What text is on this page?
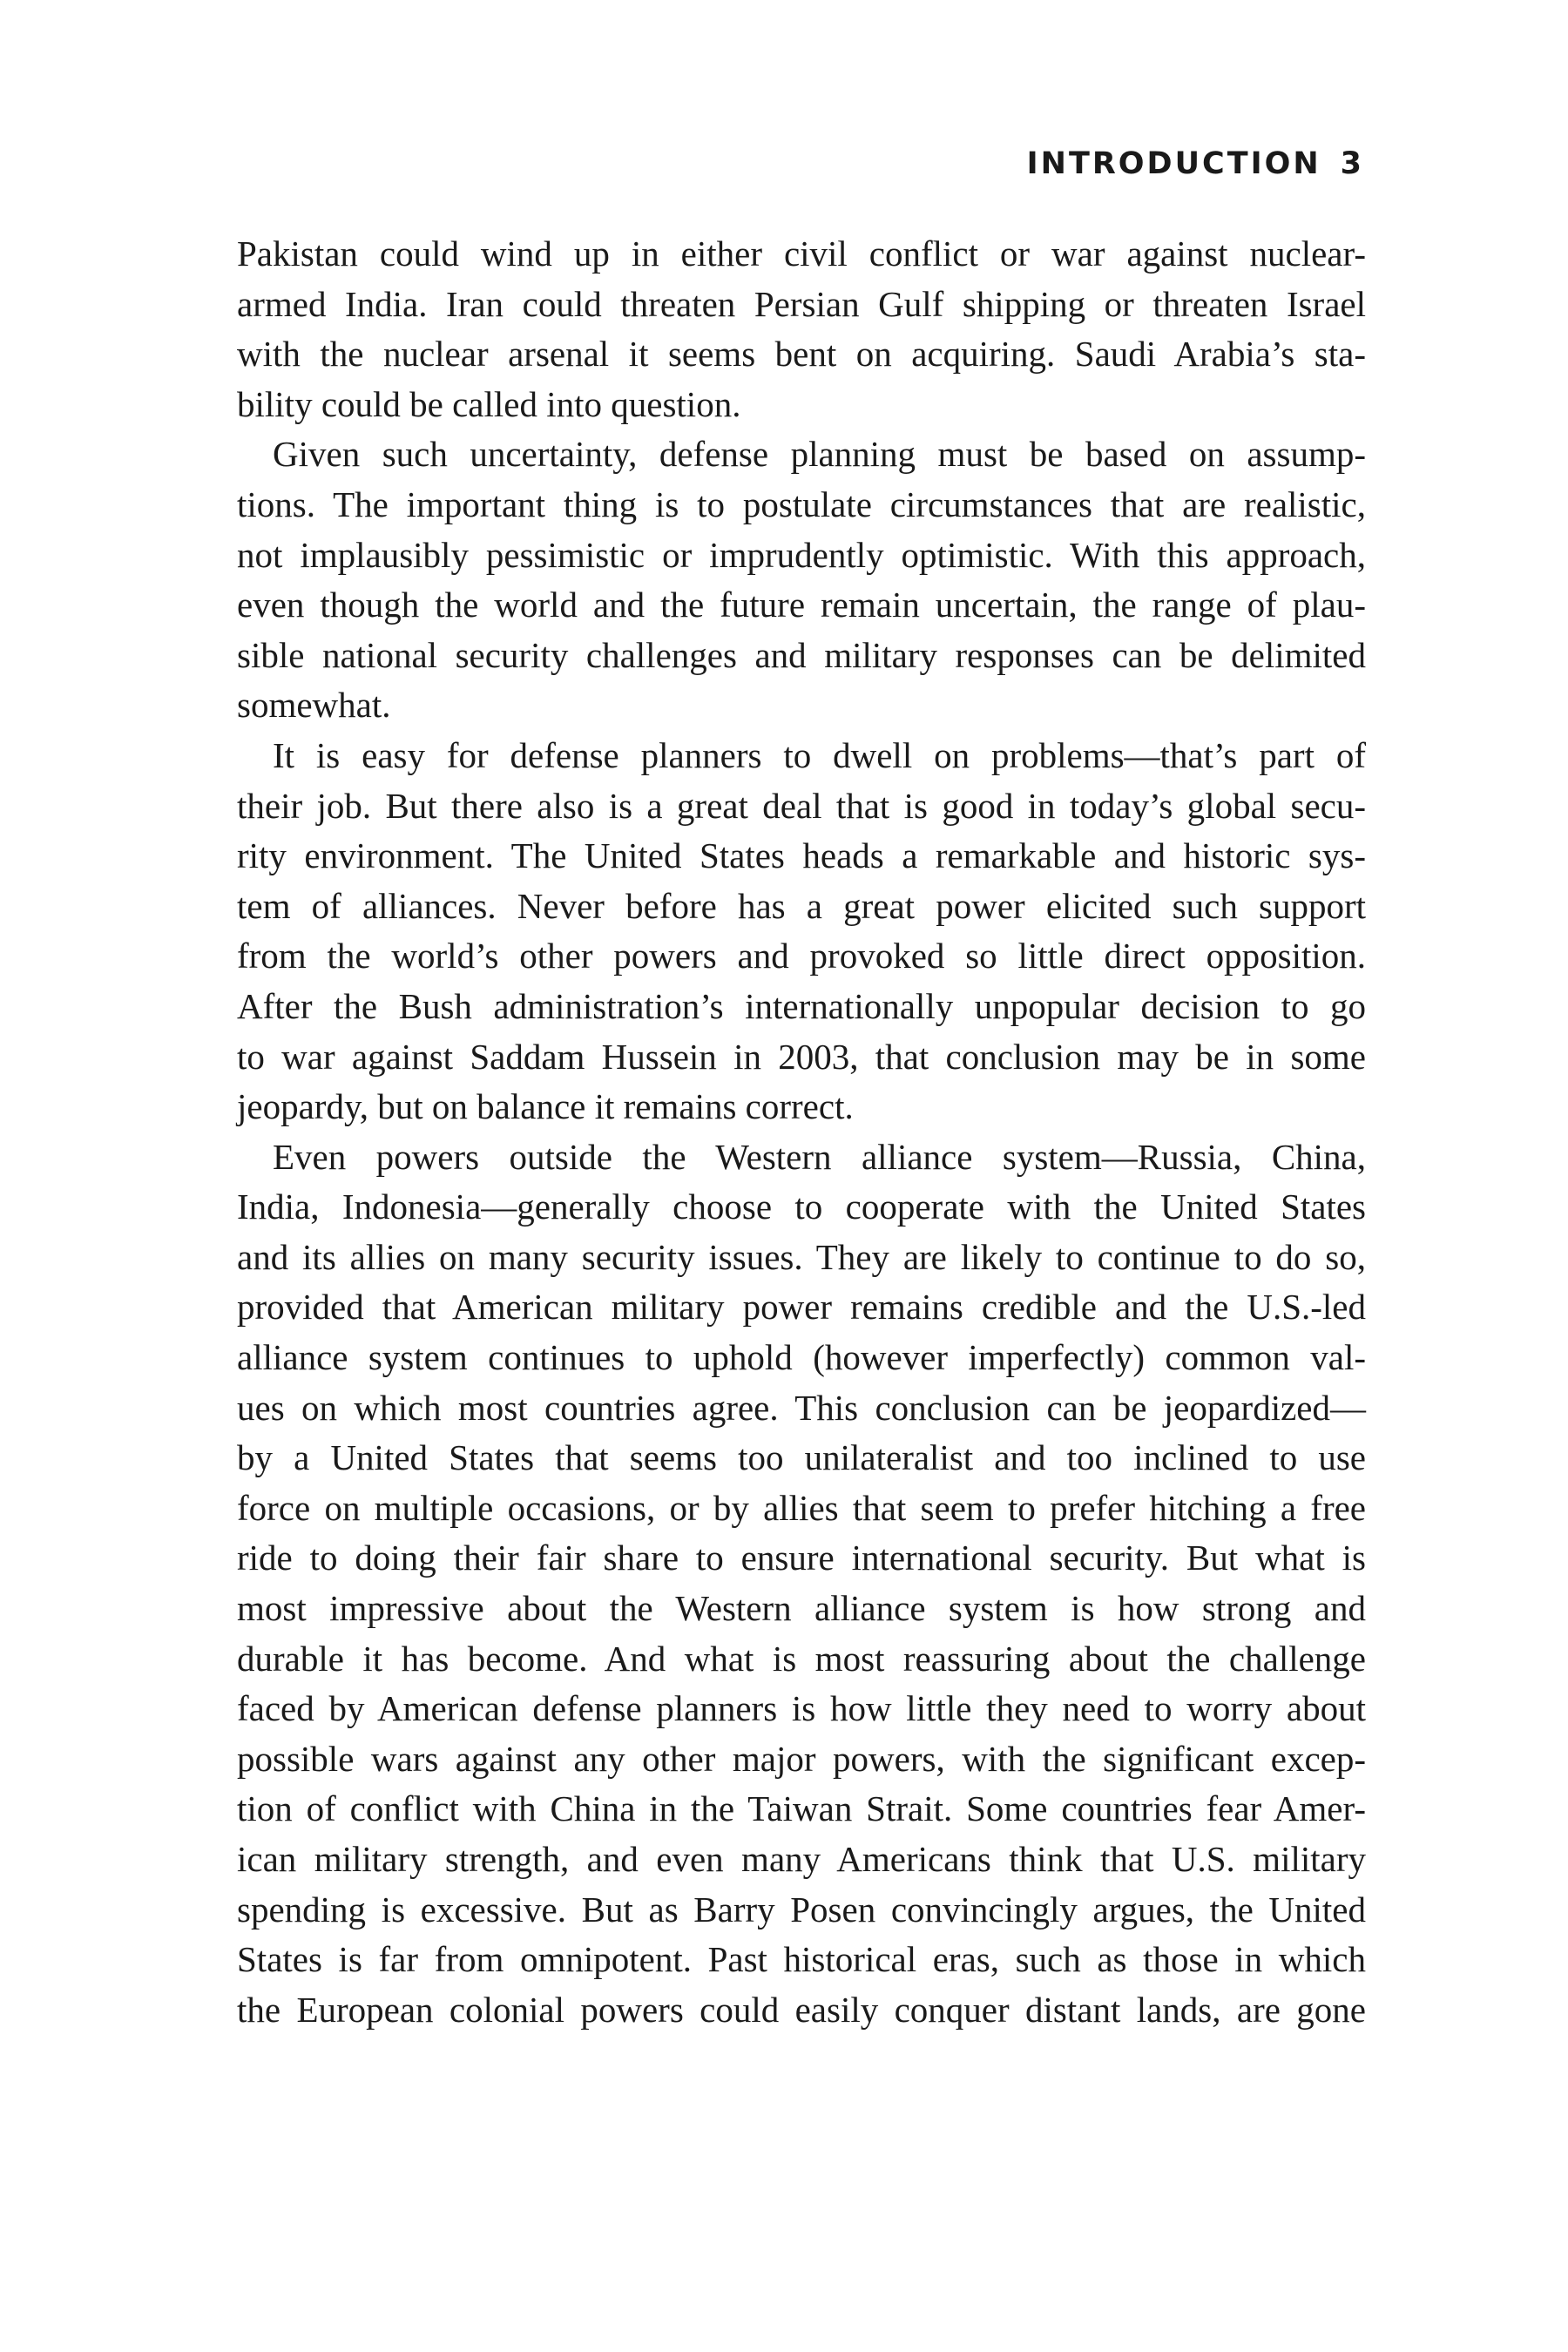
INTRODUCTION 3
Pakistan could wind up in either civil conflict or war against nuclear-
armed India. Iran could threaten Persian Gulf shipping or threaten Israel
with the nuclear arsenal it seems bent on acquiring. Saudi Arabia’s sta-
bility could be called into question.
Given such uncertainty, defense planning must be based on assump-
tions. The important thing is to postulate circumstances that are realistic,
not implausibly pessimistic or imprudently optimistic. With this approach,
even though the world and the future remain uncertain, the range of plau-
sible national security challenges and military responses can be delimited
somewhat.
It is easy for defense planners to dwell on problems—that’s part of
their job. But there also is a great deal that is good in today’s global secu-
rity environment. The United States heads a remarkable and historic sys-
tem of alliances. Never before has a great power elicited such support
from the world’s other powers and provoked so little direct opposition.
After the Bush administration’s internationally unpopular decision to go
to war against Saddam Hussein in 2003, that conclusion may be in some
jeopardy, but on balance it remains correct.
Even powers outside the Western alliance system—Russia, China,
India, Indonesia—generally choose to cooperate with the United States
and its allies on many security issues. They are likely to continue to do so,
provided that American military power remains credible and the U.S.-led
alliance system continues to uphold (however imperfectly) common val-
ues on which most countries agree. This conclusion can be jeopardized—
by a United States that seems too unilateralist and too inclined to use
force on multiple occasions, or by allies that seem to prefer hitching a free
ride to doing their fair share to ensure international security. But what is
most impressive about the Western alliance system is how strong and
durable it has become. And what is most reassuring about the challenge
faced by American defense planners is how little they need to worry about
possible wars against any other major powers, with the significant excep-
tion of conflict with China in the Taiwan Strait. Some countries fear Amer-
ican military strength, and even many Americans think that U.S. military
spending is excessive. But as Barry Posen convincingly argues, the United
States is far from omnipotent. Past historical eras, such as those in which
the European colonial powers could easily conquer distant lands, are gone
